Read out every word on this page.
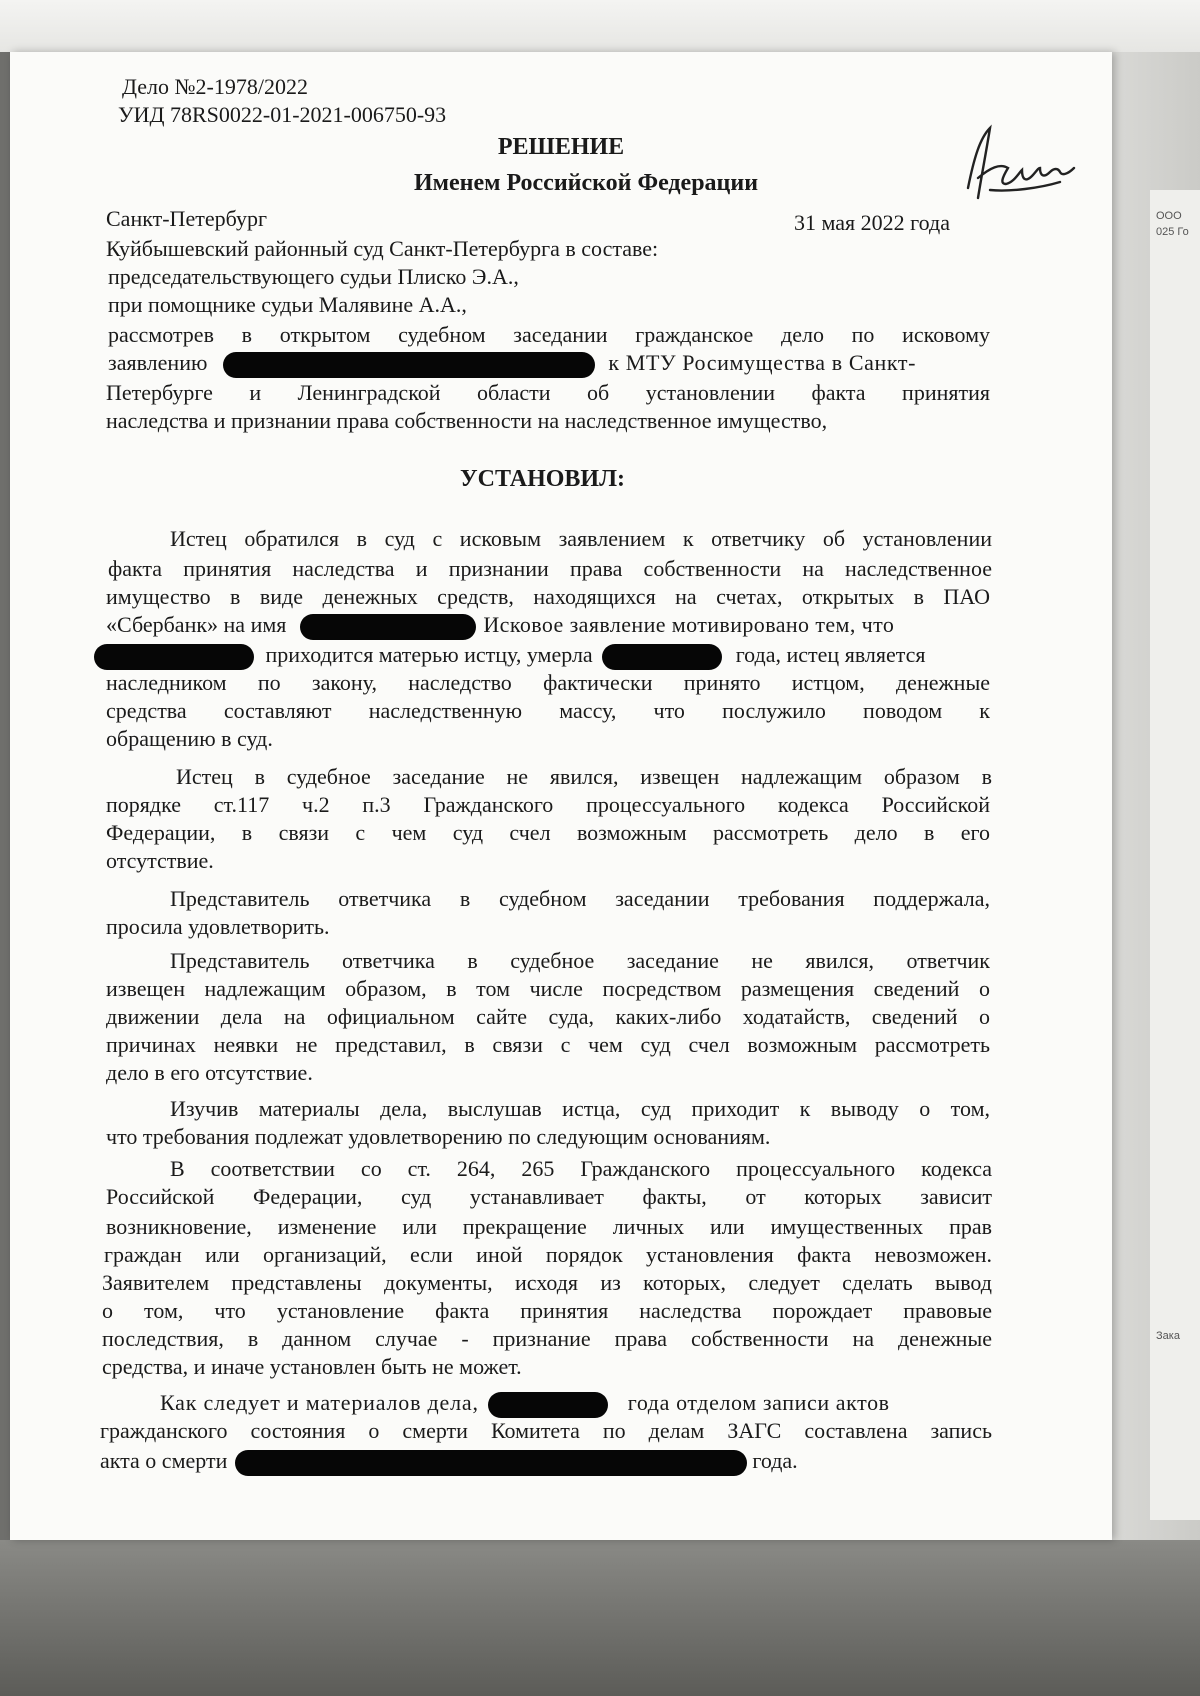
ООО
025 Го
Зака
Дело №2-1978/2022
УИД 78RS0022-01-2021-006750-93
РЕШЕНИЕ
Именем Российской Федерации
Санкт-Петербург	31 мая 2022 года
Куйбышевский районный суд Санкт-Петербурга в составе:
председательствующего судьи Плиско Э.А.,
при помощнике судьи Малявине А.А.,
рассмотрев в открытом судебном заседании гражданское дело по исковому
заявлению	к МТУ Росимущества в Санкт-
Петербурге и Ленинградской области об установлении факта принятия
наследства и признании права собственности на наследственное имущество,
УСТАНОВИЛ:
Истец обратился в суд с исковым заявлением к ответчику об установлении
факта принятия наследства и признании права собственности на наследственное
имущество в виде денежных средств, находящихся на счетах, открытых в ПАО
«Сбербанк» на имя	Исковое заявление мотивировано тем, что
приходится матерью истцу, умерла	года, истец является
наследником по закону, наследство фактически принято истцом, денежные
средства составляют наследственную массу, что послужило поводом к
обращению в суд.
Истец в судебное заседание не явился, извещен надлежащим образом в
порядке ст.117 ч.2 п.3 Гражданского процессуального кодекса Российской
Федерации, в связи с чем суд счел возможным рассмотреть дело в его
отсутствие.
Представитель ответчика в судебном заседании требования поддержала,
просила удовлетворить.
Представитель ответчика в судебное заседание не явился, ответчик
извещен надлежащим образом, в том числе посредством размещения сведений о
движении дела на официальном сайте суда, каких-либо ходатайств, сведений о
причинах неявки не представил, в связи с чем суд счел возможным рассмотреть
дело в его отсутствие.
Изучив материалы дела, выслушав истца, суд приходит к выводу о том,
что требования подлежат удовлетворению по следующим основаниям.
В соответствии со ст. 264, 265 Гражданского процессуального кодекса
Российской Федерации, суд устанавливает факты, от которых зависит
возникновение, изменение или прекращение личных или имущественных прав
граждан или организаций, если иной порядок установления факта невозможен.
Заявителем представлены документы, исходя из которых, следует сделать вывод
о том, что установление факта принятия наследства порождает правовые
последствия, в данном случае - признание права собственности на денежные
средства, и иначе установлен быть не может.
Как следует и материалов дела,	года отделом записи актов
гражданского состояния о смерти Комитета по делам ЗАГС составлена запись
акта о смерти	года.
